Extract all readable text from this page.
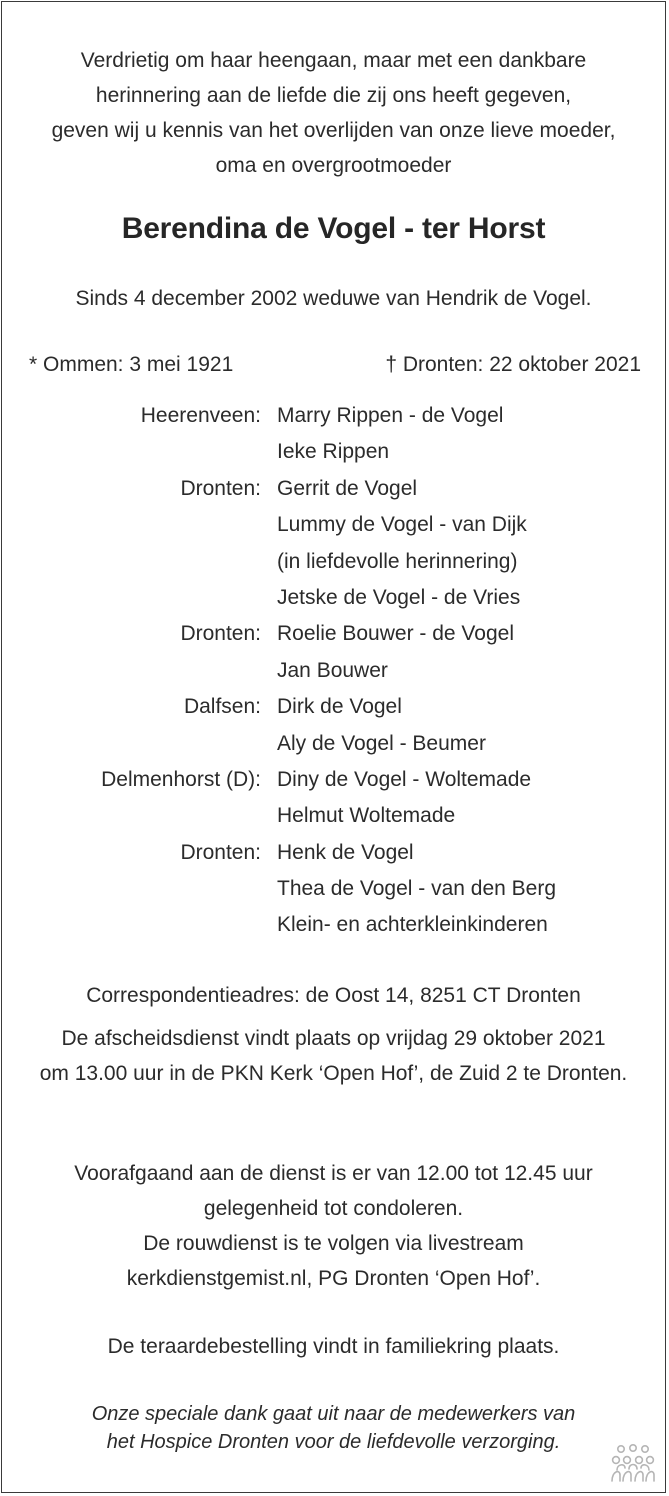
Verdrietig om haar heengaan, maar met een dankbare
herinnering aan de liefde die zij ons heeft gegeven,
geven wij u kennis van het overlijden van onze lieve moeder,
oma en overgrootmoeder
Berendina de Vogel - ter Horst
Sinds 4 december 2002 weduwe van Hendrik de Vogel.
* Ommen: 3 mei 1921	† Dronten: 22 oktober 2021
Heerenveen: Marry Rippen - de Vogel
Ieke Rippen
Dronten: Gerrit de Vogel
Lummy de Vogel - van Dijk
(in liefdevolle herinnering)
Jetske de Vogel - de Vries
Dronten: Roelie Bouwer - de Vogel
Jan Bouwer
Dalfsen: Dirk de Vogel
Aly de Vogel - Beumer
Delmenhorst (D): Diny de Vogel - Woltemade
Helmut Woltemade
Dronten: Henk de Vogel
Thea de Vogel - van den Berg
Klein- en achterkleinkinderen
Correspondentieadres: de Oost 14, 8251 CT Dronten
De afscheidsdienst vindt plaats op vrijdag 29 oktober 2021
om 13.00 uur in de PKN Kerk ‘Open Hof’, de Zuid 2 te Dronten.
Voorafgaand aan de dienst is er van 12.00 tot 12.45 uur
gelegenheid tot condoleren.
De rouwdienst is te volgen via livestream
kerkdienstgemist.nl, PG Dronten ‘Open Hof’.
De teraardebestelling vindt in familiekring plaats.
Onze speciale dank gaat uit naar de medewerkers van
het Hospice Dronten voor de liefdevolle verzorging.
